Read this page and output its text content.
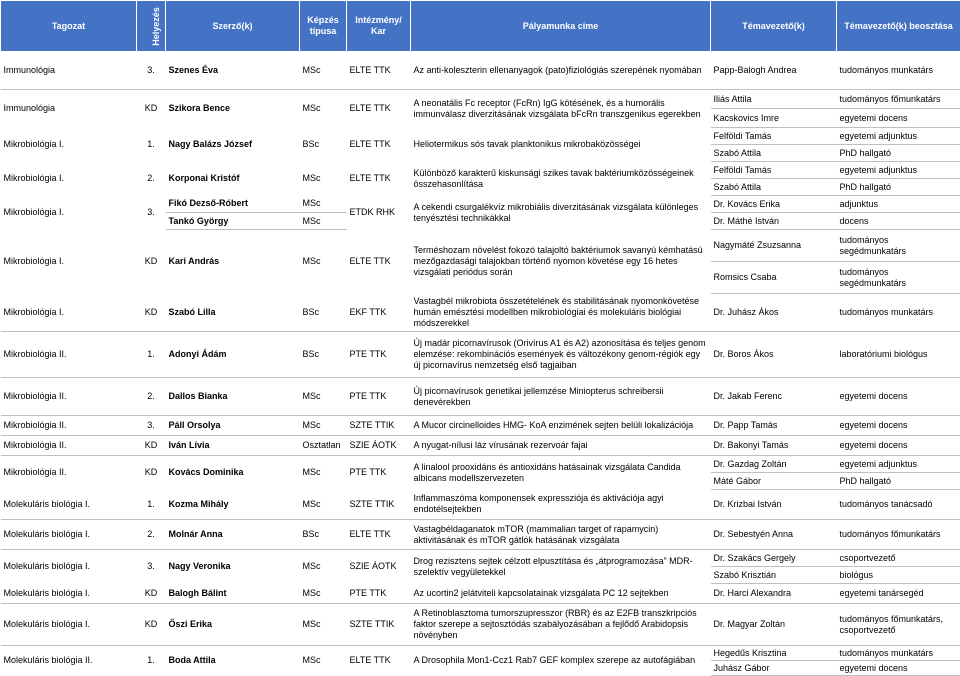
Tagozat	Helyezés	Szerző(k)	Képzés típusa	Intézmény/ Kar	Pályamunka címe	Témavezető(k)	Témavezető(k) beosztása
Immunológia	3.	Szenes Éva	MSc	ELTE TTK	Az anti-koleszterin ellenanyagok (pato)fiziológiás szerepének nyomában	Papp-Balogh Andrea	tudományos munkatárs
Immunológia	KD	Szikora Bence	MSc	ELTE TTK	A neonatális Fc receptor (FcRn) IgG kötésének, és a humorális immunválasz diverzitásának vizsgálata bFcRn transzgenikus egerekben	Iliás Attila	tudományos főmunkatárs
						Kacskovics Imre	egyetemi docens
Mikrobiológia I.	1.	Nagy Balázs József	BSc	ELTE TTK	Heliotermikus sós tavak planktonikus mikrobaközösségei	Felföldi Tamás	egyetemi adjunktus
						Szabó Attila	PhD hallgató
Mikrobiológia I.	2.	Korponai Kristóf	MSc	ELTE TTK	Különböző karakterű kiskunsági szikes tavak baktériumközösségeinek összehasonlítása	Felföldi Tamás	egyetemi adjunktus
						Szabó Attila	PhD hallgató
Mikrobiológia I.	3.	Fikó Dezső-Róbert	MSc	ETDK RHK	A cekendi csurgalékvíz mikrobiális diverzitásának vizsgálata különleges tenyésztési technikákkal	Dr. Kovács Erika	adjunktus
		Tankó György	MSc			Dr. Máthé István	docens
Mikrobiológia I.	KD	Kari András	MSc	ELTE TTK	Terméshozam növelést fokozó talajoltó baktériumok savanyú kémhatású mezőgazdasági talajokban történő nyomon követése egy 16 hetes vizsgálati periódus során	Nagymáté Zsuzsanna	tudományos segédmunkatárs
						Romsics Csaba	tudományos segédmunkatárs
Mikrobiológia I.	KD	Szabó Lilla	BSc	EKF TTK	Vastagbél mikrobiota összetételének és stabilitásának nyomonkövetése humán emésztési modellben mikrobiológiai és molekuláris biológiai módszerekkel	Dr. Juhász Ákos	tudományos munkatárs
Mikrobiológia II.	1.	Adonyi Ádám	BSc	PTE TTK	Új madár picornavírusok (Orivírus A1 és A2) azonosítása és teljes genom elemzése: rekombinációs események és változékony genom-régiók egy új picornavírus nemzetség első tagjaiban	Dr. Boros Ákos	laboratóriumi biológus
Mikrobiológia II.	2.	Dallos Bianka	MSc	PTE TTK	Új picornavírusok genetikai jellemzése Miniopterus schreibersii denevérekben	Dr. Jakab Ferenc	egyetemi docens
Mikrobiológia II.	3.	Páll Orsolya	MSc	SZTE TTIK	A Mucor circinelloides HMG- KoA enzimének sejten belüli lokalizációja	Dr. Papp Tamás	egyetemi docens
Mikrobiológia II.	KD	Iván Lívia	Osztatlan	SZIE ÁOTK	A nyugat-nílusi láz vírusának rezervoár fajai	Dr. Bakonyi Tamás	egyetemi docens
Mikrobiológia II.	KD	Kovács Dominika	MSc	PTE TTK	A linalool prooxidáns és antioxidáns hatásainak vizsgálata Candida albicans modellszervezeten	Dr. Gazdag Zoltán	egyetemi adjunktus
						Máté Gábor	PhD hallgató
Molekuláris biológia I.	1.	Kozma Mihály	MSc	SZTE TTIK	Inflammaszóma komponensek expressziója és aktivációja agyi endotélsejtekben	Dr. Krizbai István	tudományos tanácsadó
Molekuláris biológia I.	2.	Molnár Anna	BSc	ELTE TTK	Vastagbéldaganatok mTOR (mammalian target of rapamycin) aktivitásának és mTOR gátlók hatásának vizsgálata	Dr. Sebestyén Anna	tudományos főmunkatárs
Molekuláris biológia I.	3.	Nagy Veronika	MSc	SZIE ÁOTK	Drog rezisztens sejtek célzott elpusztítása és „átprogramozása” MDR-szelektív vegyületekkel	Dr. Szakács Gergely	csoportvezető
						Szabó Krisztián	biológus
Molekuláris biológia I.	KD	Balogh Bálint	MSc	PTE TTK	Az ucortin2 jelátviteli kapcsolatainak vizsgálata PC 12 sejtekben	Dr. Harci Alexandra	egyetemi tanársegéd
Molekuláris biológia I.	KD	Őszi Erika	MSc	SZTE TTIK	A Retinoblasztoma tumorszupresszor (RBR) és az E2FB transzkripciós faktor szerepe a sejtosztódás szabályozásában a fejlődő Arabidopsis növényben	Dr. Magyar Zoltán	tudományos főmunkatárs, csoportvezető
Molekuláris biológia II.	1.	Boda Attila	MSc	ELTE TTK	A Drosophila Mon1-Ccz1 Rab7 GEF komplex szerepe az autofágiában	Hegedűs Krisztina	tudományos munkatárs
						Juhász Gábor	egyetemi docens
